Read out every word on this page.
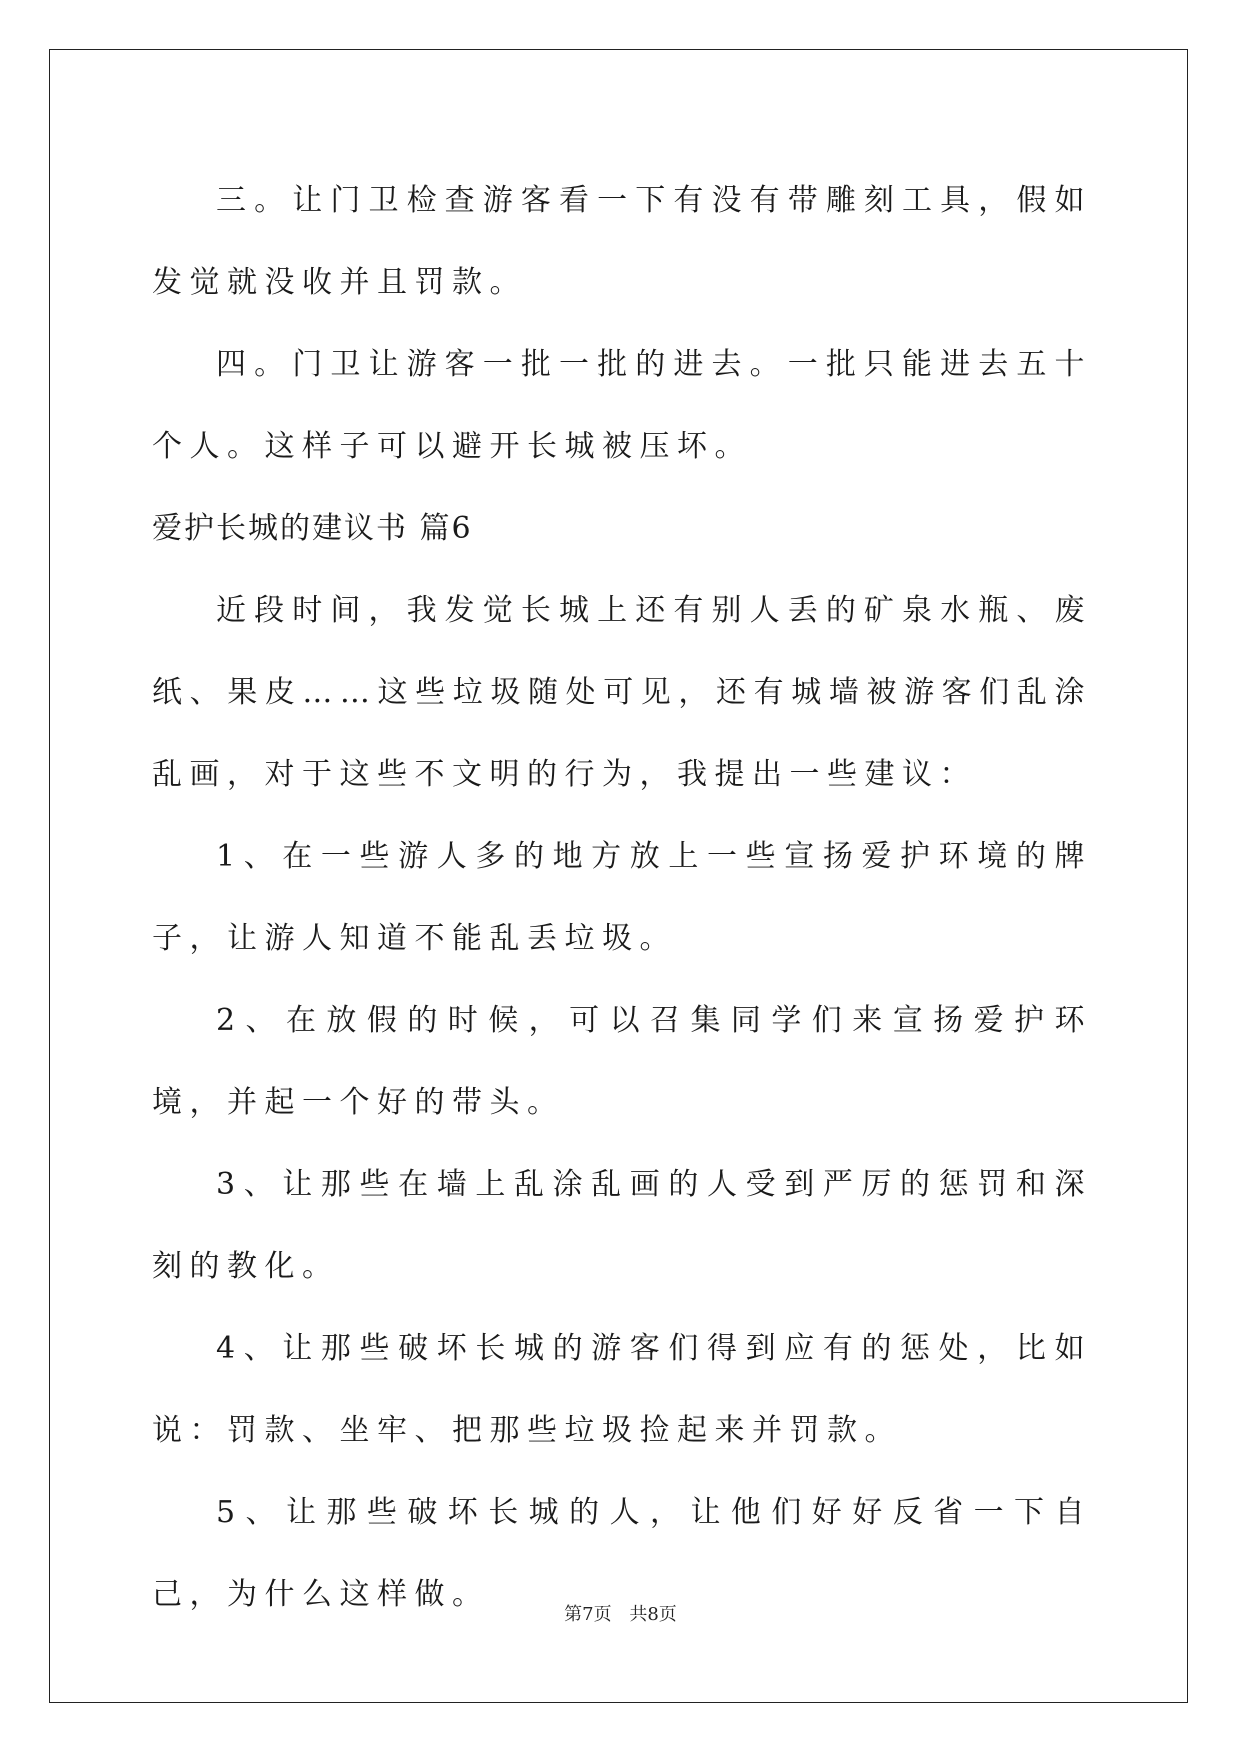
三。让门卫检查游客看一下有没有带雕刻工具，假如发觉就没收并且罚款。

四。门卫让游客一批一批的进去。一批只能进去五十个人。这样子可以避开长城被压坏。

爱护长城的建议书 篇6

近段时间，我发觉长城上还有别人丢的矿泉水瓶、废纸、果皮……这些垃圾随处可见，还有城墙被游客们乱涂乱画，对于这些不文明的行为，我提出一些建议：

1、在一些游人多的地方放上一些宣扬爱护环境的牌子，让游人知道不能乱丢垃圾。

2、在放假的时候，可以召集同学们来宣扬爱护环境，并起一个好的带头。

3、让那些在墙上乱涂乱画的人受到严厉的惩罚和深刻的教化。

4、让那些破坏长城的游客们得到应有的惩处，比如说：罚款、坐牢、把那些垃圾捡起来并罚款。

5、让那些破坏长城的人，让他们好好反省一下自己，为什么这样做。

第7页 共8页
